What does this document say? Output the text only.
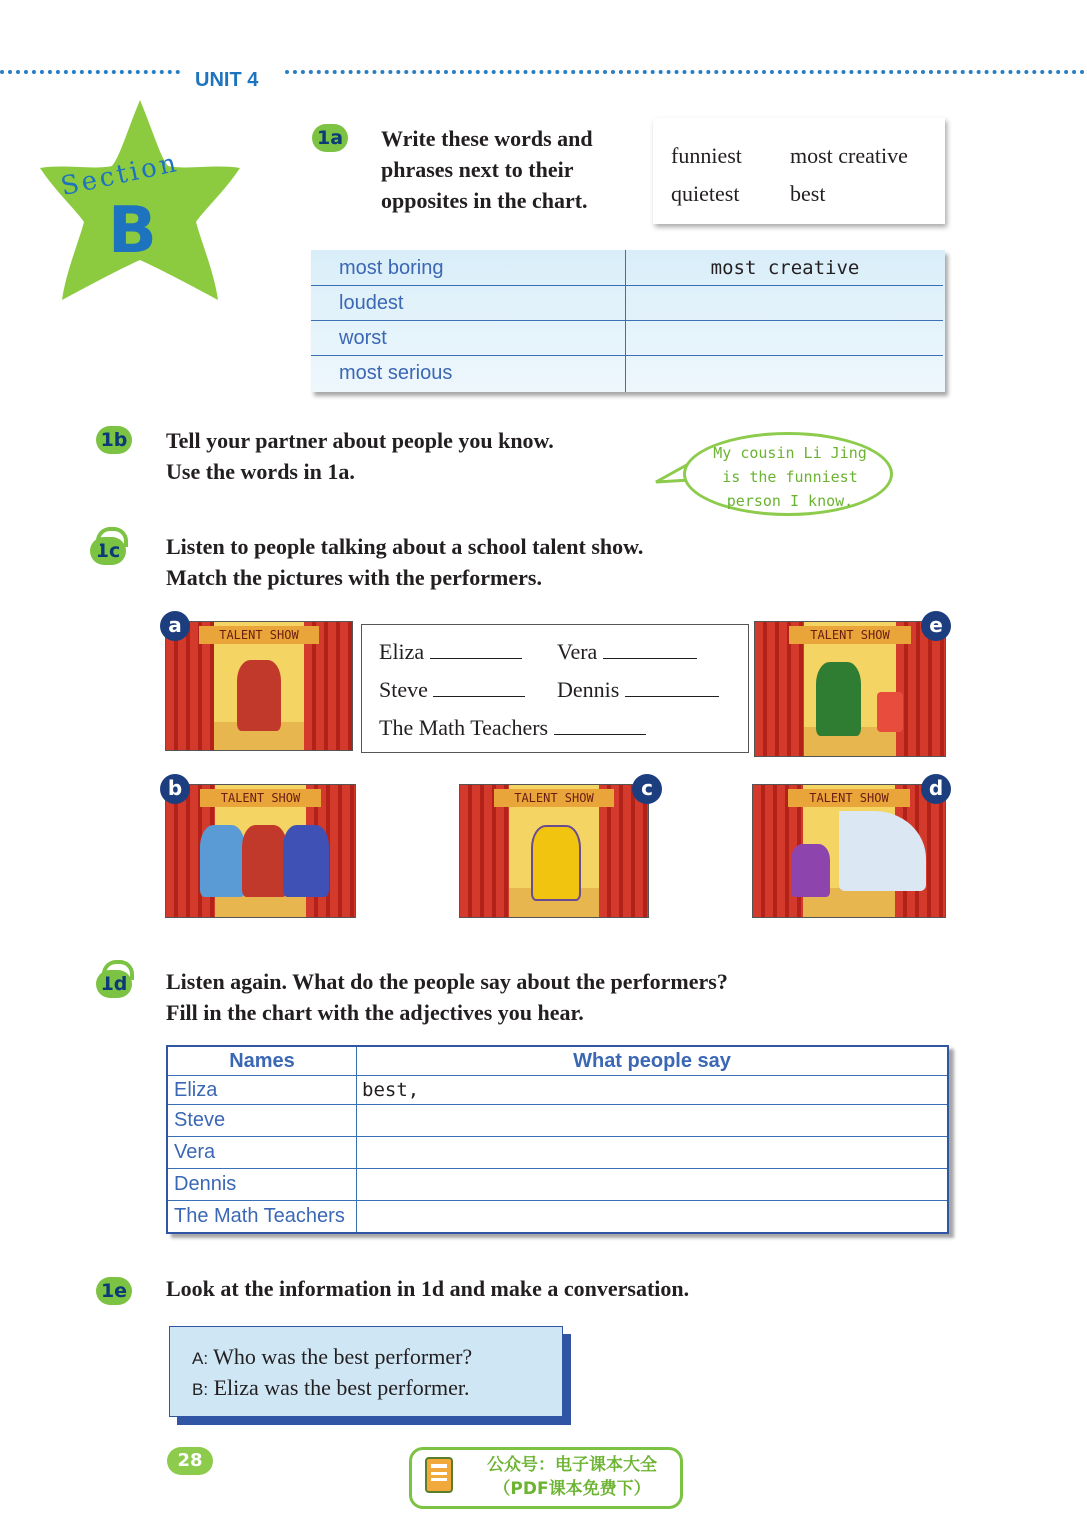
UNIT 4
Section
B
1a Write these words and
phrases next to their
opposites in the chart.
funniest most creative
quietest best
most boring	most creative
loudest
worst
most serious
1b Tell your partner about people you know.
Use the words in 1a.
My cousin Li Jing
is the funniest
person I know.
1c Listen to people talking about a school talent show.
Match the pictures with the performers.
TALENT SHOW
a	TALENT SHOW	e
Eliza	Vera
Steve	Dennis
The Math Teachers
TALENT SHOW
b	TALENT SHOW	c	TALENT SHOW	d
1d Listen again. What do the people say about the performers?
Fill in the chart with the adjectives you hear.
Names	What people say
Eliza	best,
Steve
Vera
Dennis
The Math Teachers
1e Look at the information in 1d and make a conversation.
A: Who was the best performer?
B: Eliza was the best performer.
28	公众号：电子课本大全
（PDF课本免费下）
